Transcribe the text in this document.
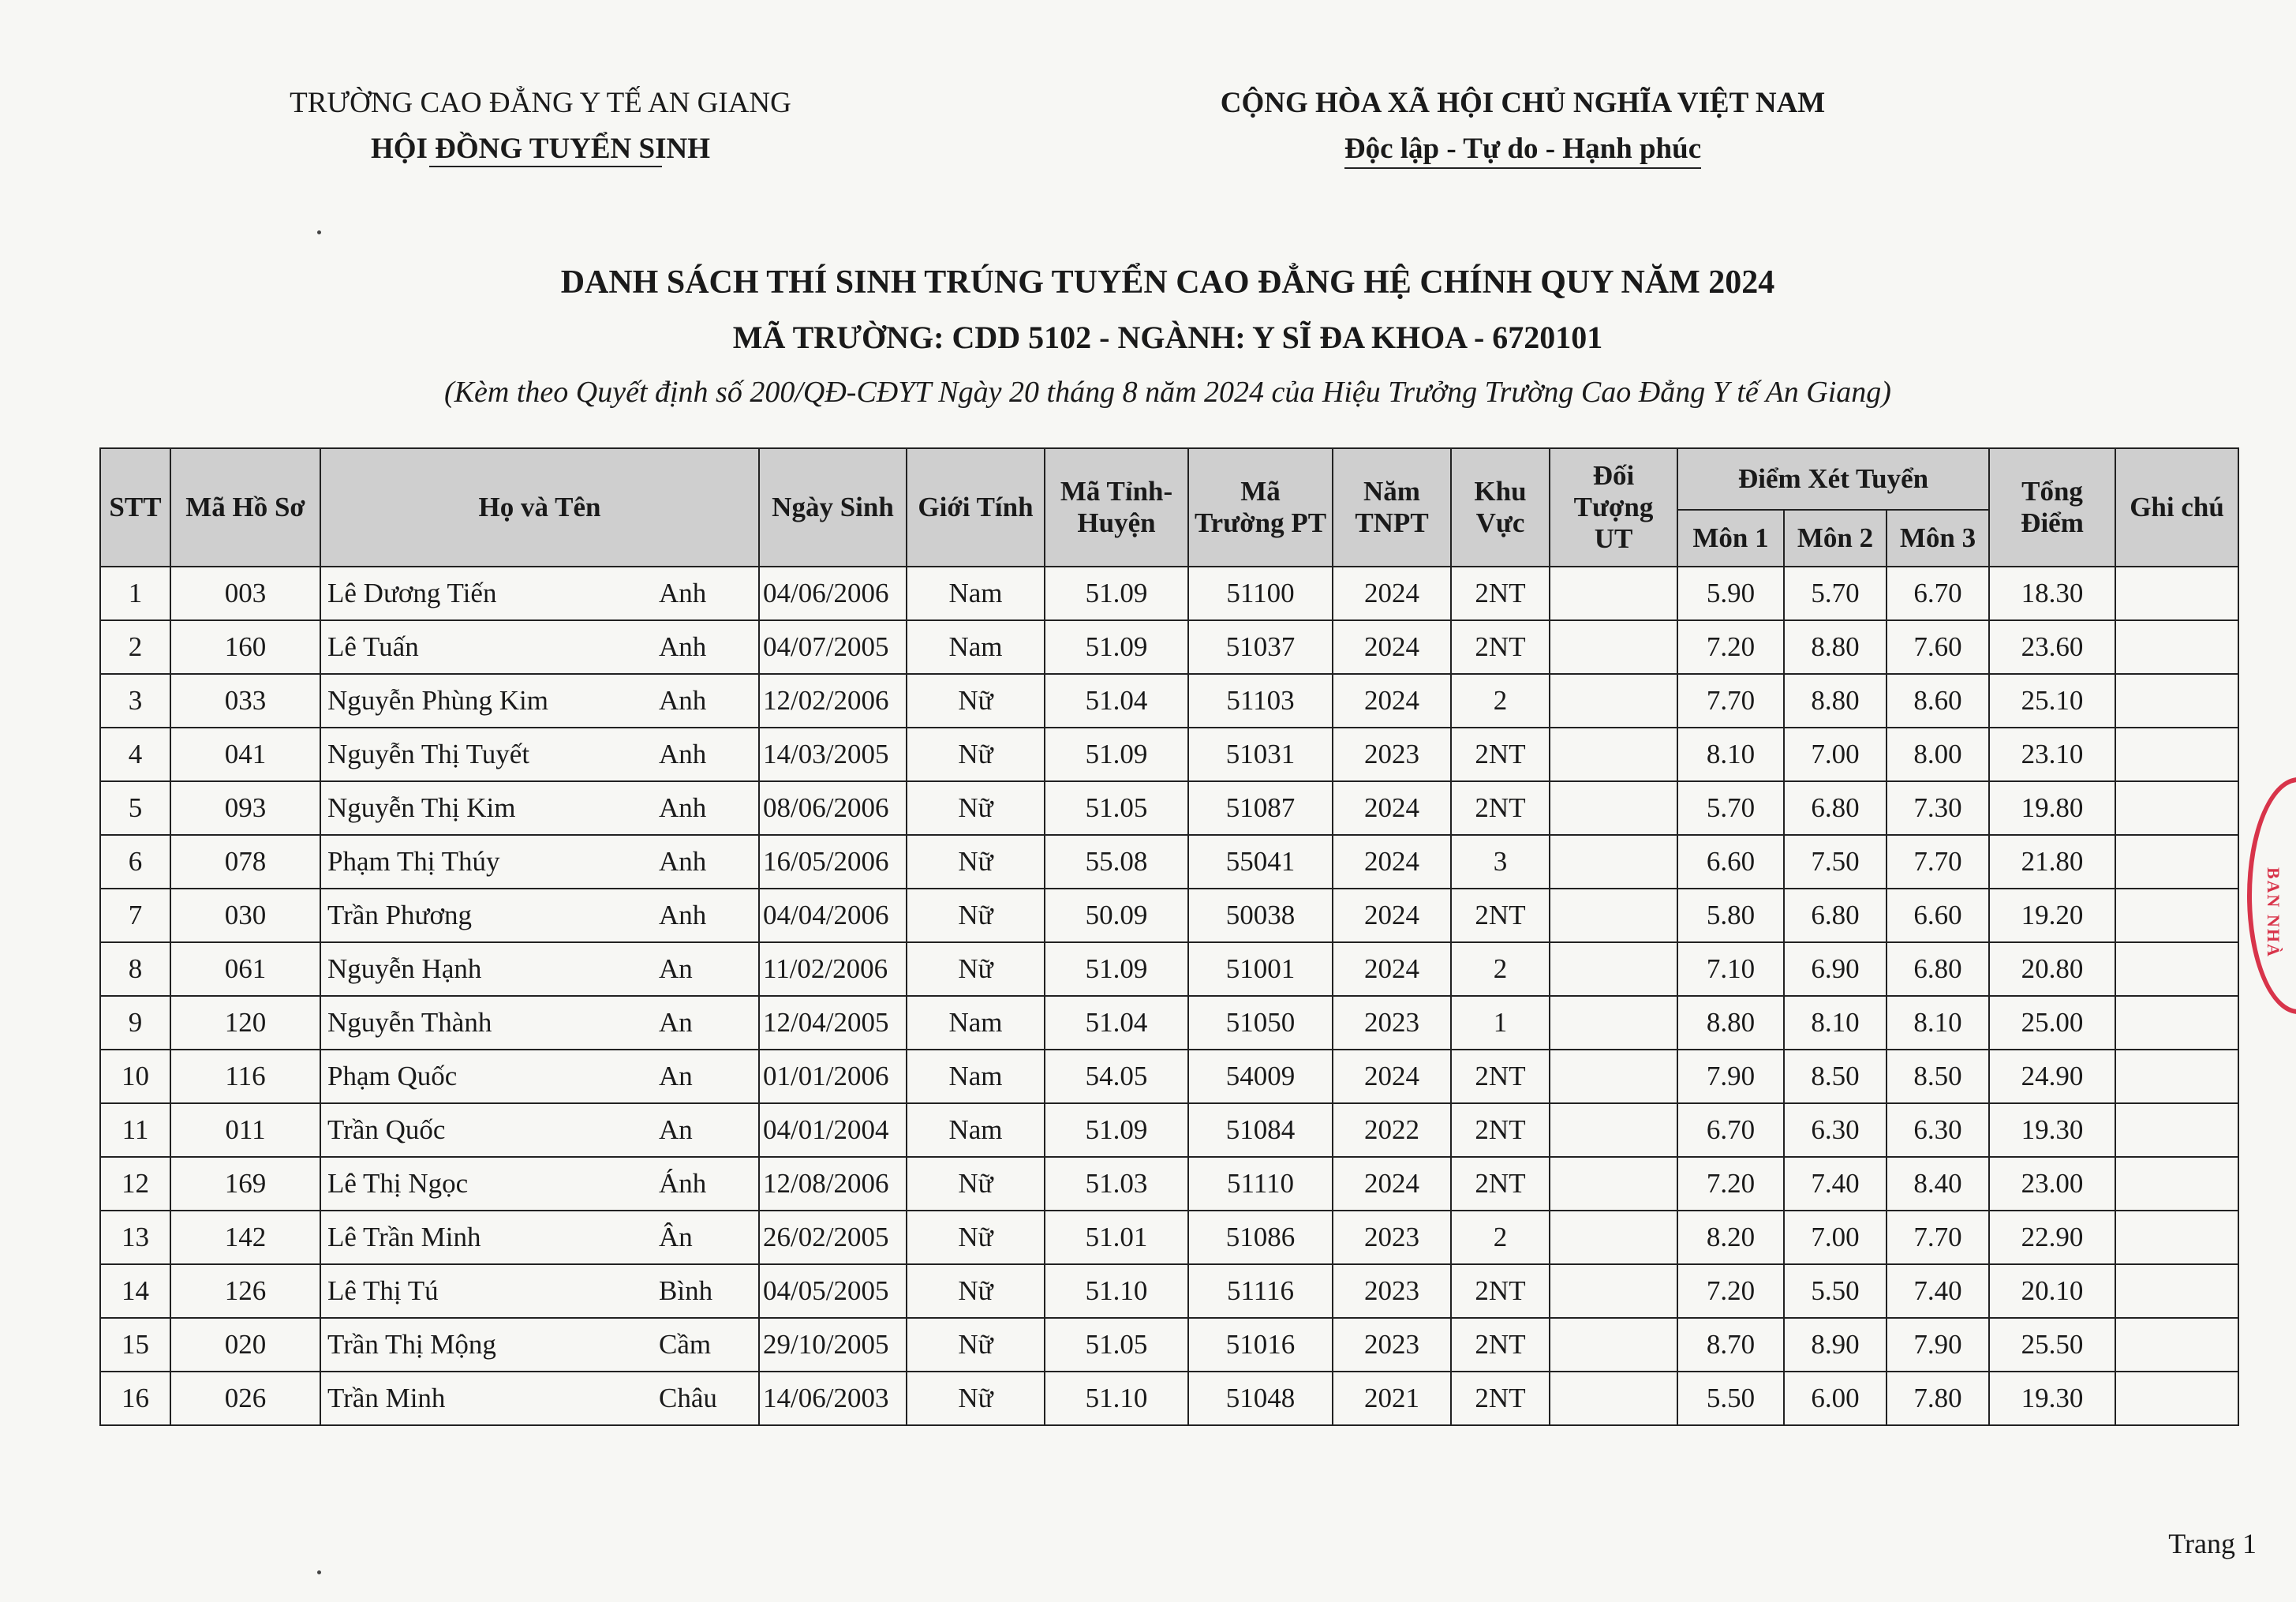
TRƯỜNG CAO ĐẲNG Y TẾ AN GIANG
HỘI ĐỒNG TUYỂN SINH
CỘNG HÒA XÃ HỘI CHỦ NGHĨA VIỆT NAM
Độc lập - Tự do - Hạnh phúc
DANH SÁCH THÍ SINH TRÚNG TUYỂN CAO ĐẲNG HỆ CHÍNH QUY NĂM 2024
MÃ TRƯỜNG: CDD 5102 - NGÀNH: Y SĨ ĐA KHOA - 6720101
(Kèm theo Quyết định số 200/QĐ-CĐYT Ngày 20 tháng 8 năm 2024 của Hiệu Trưởng Trường Cao Đẳng Y tế An Giang)
STT	Mã Hồ Sơ	Họ và Tên	Ngày Sinh	Giới Tính	Mã Tỉnh-Huyện	Mã Trường PT	Năm TNPT	Khu Vực	Đối Tượng UT	Điểm Xét Tuyển			Tổng Điểm	Ghi chú
										Môn 1	Môn 2	Môn 3		
1	003	Lê Dương Tiến Anh	04/06/2006	Nam	51.09	51100	2024	2NT		5.90	5.70	6.70	18.30	
2	160	Lê Tuấn Anh	04/07/2005	Nam	51.09	51037	2024	2NT		7.20	8.80	7.60	23.60	
3	033	Nguyễn Phùng Kim Anh	12/02/2006	Nữ	51.04	51103	2024	2		7.70	8.80	8.60	25.10	
4	041	Nguyễn Thị Tuyết Anh	14/03/2005	Nữ	51.09	51031	2023	2NT		8.10	7.00	8.00	23.10	
5	093	Nguyễn Thị Kim Anh	08/06/2006	Nữ	51.05	51087	2024	2NT		5.70	6.80	7.30	19.80	
6	078	Phạm Thị Thúy Anh	16/05/2006	Nữ	55.08	55041	2024	3		6.60	7.50	7.70	21.80	
7	030	Trần Phương Anh	04/04/2006	Nữ	50.09	50038	2024	2NT		5.80	6.80	6.60	19.20	
8	061	Nguyễn Hạnh An	11/02/2006	Nữ	51.09	51001	2024	2		7.10	6.90	6.80	20.80	
9	120	Nguyễn Thành An	12/04/2005	Nam	51.04	51050	2023	1		8.80	8.10	8.10	25.00	
10	116	Phạm Quốc An	01/01/2006	Nam	54.05	54009	2024	2NT		7.90	8.50	8.50	24.90	
11	011	Trần Quốc An	04/01/2004	Nam	51.09	51084	2022	2NT		6.70	6.30	6.30	19.30	
12	169	Lê Thị Ngọc Ánh	12/08/2006	Nữ	51.03	51110	2024	2NT		7.20	7.40	8.40	23.00	
13	142	Lê Trần Minh Ân	26/02/2005	Nữ	51.01	51086	2023	2		8.20	7.00	7.70	22.90	
14	126	Lê Thị Tú Bình	04/05/2005	Nữ	51.10	51116	2023	2NT		7.20	5.50	7.40	20.10	
15	020	Trần Thị Mộng Cầm	29/10/2005	Nữ	51.05	51016	2023	2NT		8.70	8.90	7.90	25.50	
16	026	Trần Minh Châu	14/06/2003	Nữ	51.10	51048	2021	2NT		5.50	6.00	7.80	19.30	
BAN NHÀ
Trang 1
